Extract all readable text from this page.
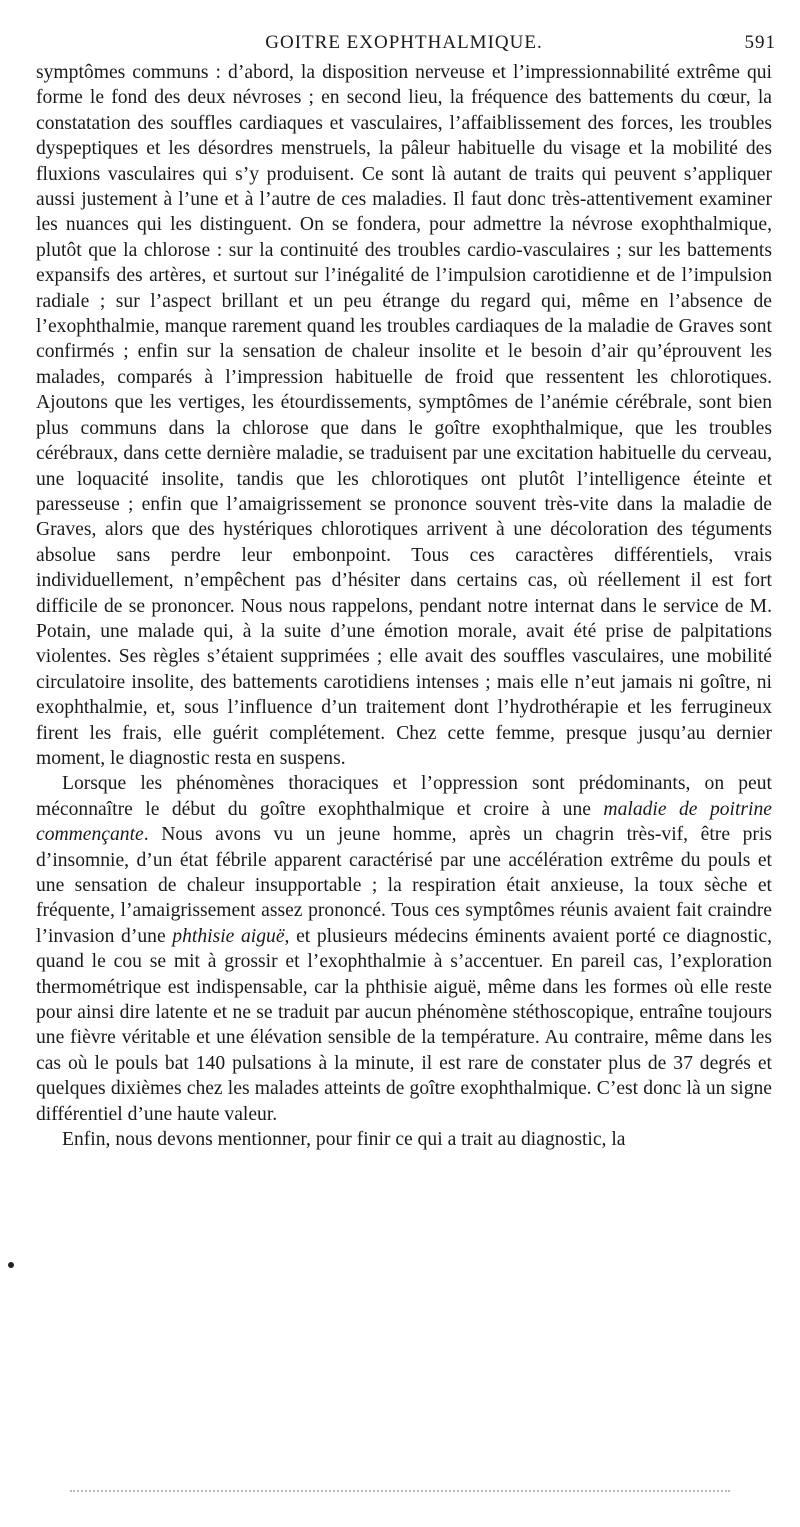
GOITRE EXOPHTHALMIQUE.	591

symptômes communs : d’abord, la disposition nerveuse et l’impressionnabilité extrême qui forme le fond des deux névroses ; en second lieu, la fréquence des battements du cœur, la constatation des souffles cardiaques et vasculaires, l’affaiblissement des forces, les troubles dyspeptiques et les désordres menstruels, la pâleur habituelle du visage et la mobilité des fluxions vasculaires qui s’y produisent. Ce sont là autant de traits qui peuvent s’appliquer aussi justement à l’une et à l’autre de ces maladies. Il faut donc très-attentivement examiner les nuances qui les distinguent. On se fondera, pour admettre la névrose exophthalmique, plutôt que la chlorose : sur la continuité des troubles cardio-vasculaires ; sur les battements expansifs des artères, et surtout sur l’inégalité de l’impulsion carotidienne et de l’impulsion radiale ; sur l’aspect brillant et un peu étrange du regard qui, même en l’absence de l’exophthalmie, manque rarement quand les troubles cardiaques de la maladie de Graves sont confirmés ; enfin sur la sensation de chaleur insolite et le besoin d’air qu’éprouvent les malades, comparés à l’impression habituelle de froid que ressentent les chlorotiques. Ajoutons que les vertiges, les étourdissements, symptômes de l’anémie cérébrale, sont bien plus communs dans la chlorose que dans le goître exophthalmique, que les troubles cérébraux, dans cette dernière maladie, se traduisent par une excitation habituelle du cerveau, une loquacité insolite, tandis que les chlorotiques ont plutôt l’intelligence éteinte et paresseuse ; enfin que l’amaigrissement se prononce souvent très-vite dans la maladie de Graves, alors que des hystériques chlorotiques arrivent à une décoloration des téguments absolue sans perdre leur embonpoint. Tous ces caractères différentiels, vrais individuellement, n’empêchent pas d’hésiter dans certains cas, où réellement il est fort difficile de se prononcer. Nous nous rappelons, pendant notre internat dans le service de M. Potain, une malade qui, à la suite d’une émotion morale, avait été prise de palpitations violentes. Ses règles s’étaient supprimées ; elle avait des souffles vasculaires, une mobilité circulatoire insolite, des battements carotidiens intenses ; mais elle n’eut jamais ni goître, ni exophthalmie, et, sous l’influence d’un traitement dont l’hydrothérapie et les ferrugineux firent les frais, elle guérit complétement. Chez cette femme, presque jusqu’au dernier moment, le diagnostic resta en suspens.

Lorsque les phénomènes thoraciques et l’oppression sont prédominants, on peut méconnaître le début du goître exophthalmique et croire à une maladie de poitrine commençante. Nous avons vu un jeune homme, après un chagrin très-vif, être pris d’insomnie, d’un état fébrile apparent caractérisé par une accélération extrême du pouls et une sensation de chaleur insupportable ; la respiration était anxieuse, la toux sèche et fréquente, l’amaigrissement assez prononcé. Tous ces symptômes réunis avaient fait craindre l’invasion d’une phthisie aiguë, et plusieurs médecins éminents avaient porté ce diagnostic, quand le cou se mit à grossir et l’exophthalmie à s’accentuer. En pareil cas, l’exploration thermométrique est indispensable, car la phthisie aiguë, même dans les formes où elle reste pour ainsi dire latente et ne se traduit par aucun phénomène stéthoscopique, entraîne toujours une fièvre véritable et une élévation sensible de la température. Au contraire, même dans les cas où le pouls bat 140 pulsations à la minute, il est rare de constater plus de 37 degrés et quelques dixièmes chez les malades atteints de goître exophthalmique. C’est donc là un signe différentiel d’une haute valeur.

Enfin, nous devons mentionner, pour finir ce qui a trait au diagnostic, la
